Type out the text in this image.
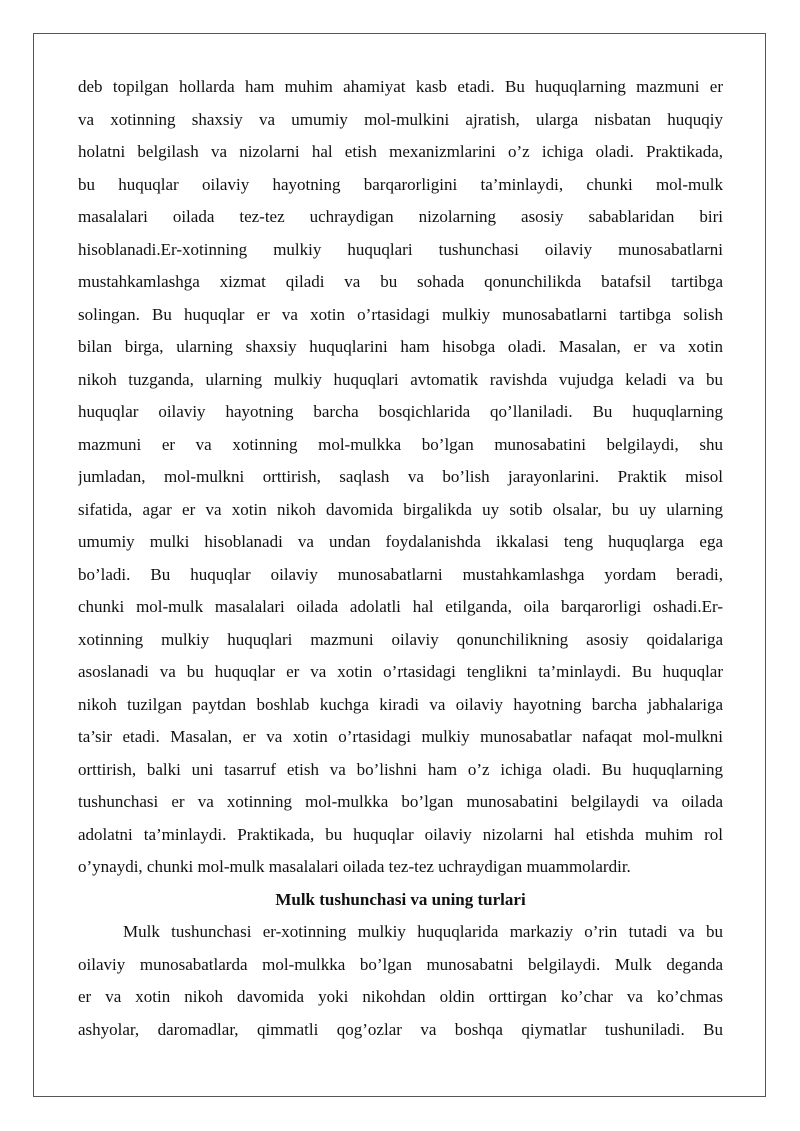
deb topilgan hollarda ham muhim ahamiyat kasb etadi. Bu huquqlarning mazmuni er
va xotinning shaxsiy va umumiy mol-mulkini ajratish, ularga nisbatan huquqiy
holatni belgilash va nizolarni hal etish mexanizmlarini o’z ichiga oladi. Praktikada,
bu huquqlar oilaviy hayotning barqarorligini ta’minlaydi, chunki mol-mulk
masalalari oilada tez-tez uchraydigan nizolarning asosiy sabablaridan biri
hisoblanadi.Er-xotinning mulkiy huquqlari tushunchasi oilaviy munosabatlarni
mustahkamlashga xizmat qiladi va bu sohada qonunchilikda batafsil tartibga
solingan. Bu huquqlar er va xotin o’rtasidagi mulkiy munosabatlarni tartibga solish
bilan birga, ularning shaxsiy huquqlarini ham hisobga oladi. Masalan, er va xotin
nikoh tuzganda, ularning mulkiy huquqlari avtomatik ravishda vujudga keladi va bu
huquqlar oilaviy hayotning barcha bosqichlarida qo’llaniladi. Bu huquqlarning
mazmuni er va xotinning mol-mulkka bo’lgan munosabatini belgilaydi, shu
jumladan, mol-mulkni orttirish, saqlash va bo’lish jarayonlarini. Praktik misol
sifatida, agar er va xotin nikoh davomida birgalikda uy sotib olsalar, bu uy ularning
umumiy mulki hisoblanadi va undan foydalanishda ikkalasi teng huquqlarga ega
bo’ladi. Bu huquqlar oilaviy munosabatlarni mustahkamlashga yordam beradi,
chunki mol-mulk masalalari oilada adolatli hal etilganda, oila barqarorligi oshadi.Er-
xotinning mulkiy huquqlari mazmuni oilaviy qonunchilikning asosiy qoidalariga
asoslanadi va bu huquqlar er va xotin o’rtasidagi tenglikni ta’minlaydi. Bu huquqlar
nikoh tuzilgan paytdan boshlab kuchga kiradi va oilaviy hayotning barcha jabhalariga
ta’sir etadi. Masalan, er va xotin o’rtasidagi mulkiy munosabatlar nafaqat mol-mulkni
orttirish, balki uni tasarruf etish va bo’lishni ham o’z ichiga oladi. Bu huquqlarning
tushunchasi er va xotinning mol-mulkka bo’lgan munosabatini belgilaydi va oilada
adolatni ta’minlaydi. Praktikada, bu huquqlar oilaviy nizolarni hal etishda muhim rol
o’ynaydi, chunki mol-mulk masalalari oilada tez-tez uchraydigan muammolardir.
Mulk tushunchasi va uning turlari
Mulk tushunchasi er-xotinning mulkiy huquqlarida markaziy o’rin tutadi va bu
oilaviy munosabatlarda mol-mulkka bo’lgan munosabatni belgilaydi. Mulk deganda
er va xotin nikoh davomida yoki nikohdan oldin orttirgan ko’char va ko’chmas
ashyolar, daromadlar, qimmatli qog’ozlar va boshqa qiymatlar tushuniladi. Bu
